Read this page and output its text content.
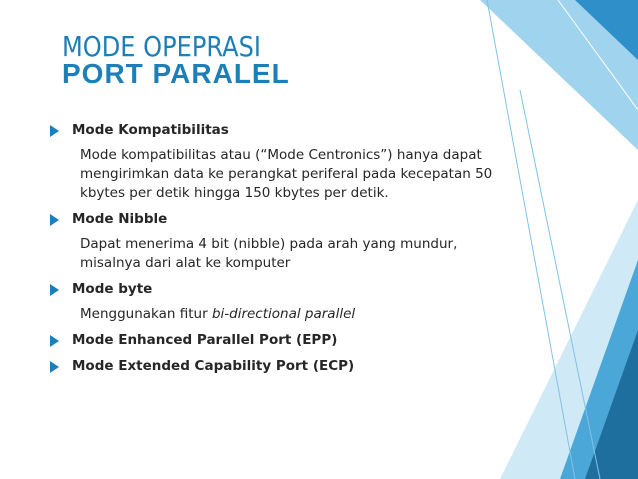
MODE OPEPRASI
PORT PARALEL
Mode Kompatibilitas

Mode kompatibilitas atau (“Mode Centronics”) hanya dapat mengirimkan data ke perangkat periferal pada kecepatan 50 kbytes per detik hingga 150 kbytes per detik.

Mode Nibble

Dapat menerima 4 bit (nibble) pada arah yang mundur, misalnya dari alat ke komputer

Mode byte

Menggunakan fitur bi-directional parallel

Mode Enhanced Parallel Port (EPP)
Mode Extended Capability Port (ECP)
